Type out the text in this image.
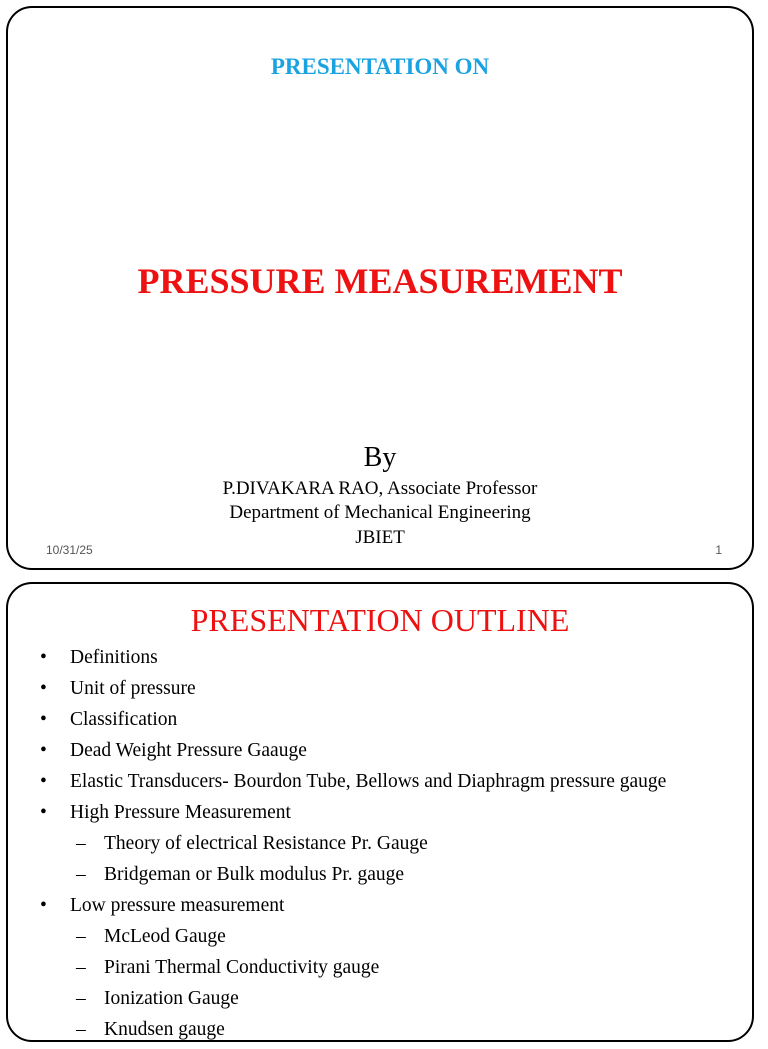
PRESENTATION ON

PRESSURE MEASUREMENT
By
P.DIVAKARA RAO, Associate Professor
Department of Mechanical Engineering
JBIET
10/31/25	1
PRESENTATION OUTLINE
• Definitions
• Unit of pressure
• Classification
• Dead Weight Pressure Gaauge
• Elastic Transducers- Bourdon Tube, Bellows and Diaphragm pressure gauge
• High Pressure Measurement
– Theory of electrical Resistance Pr. Gauge
– Bridgeman or Bulk modulus Pr. gauge
• Low pressure measurement
– McLeod Gauge
– Pirani Thermal Conductivity gauge
– Ionization Gauge
– Knudsen gauge
